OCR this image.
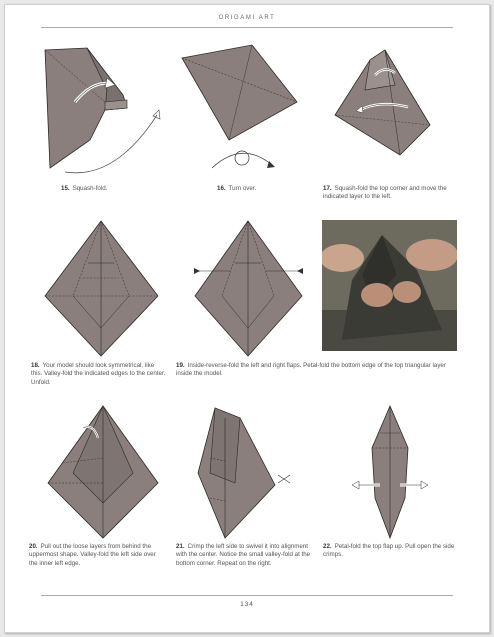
ORIGAMI ART
15. Squash-fold.	16. Turn over.	17. Squash-fold the top corner and move the indicated layer to the left.
18. Your model should look symmetrical, like this. Valley-fold the indicated edges to the center. Unfold.
19. Inside-reverse-fold the left and right flaps. Petal-fold the bottom edge of the top triangular layer inside the model.
20. Pull out the loose layers from behind the uppermost shape. Valley-fold the left side over the inner left edge.
21. Crimp the left side to swivel it into alignment with the center. Notice the small valley-fold at the bottom corner. Repeat on the right.
22. Petal-fold the top flap up. Pull open the side crimps.
134
